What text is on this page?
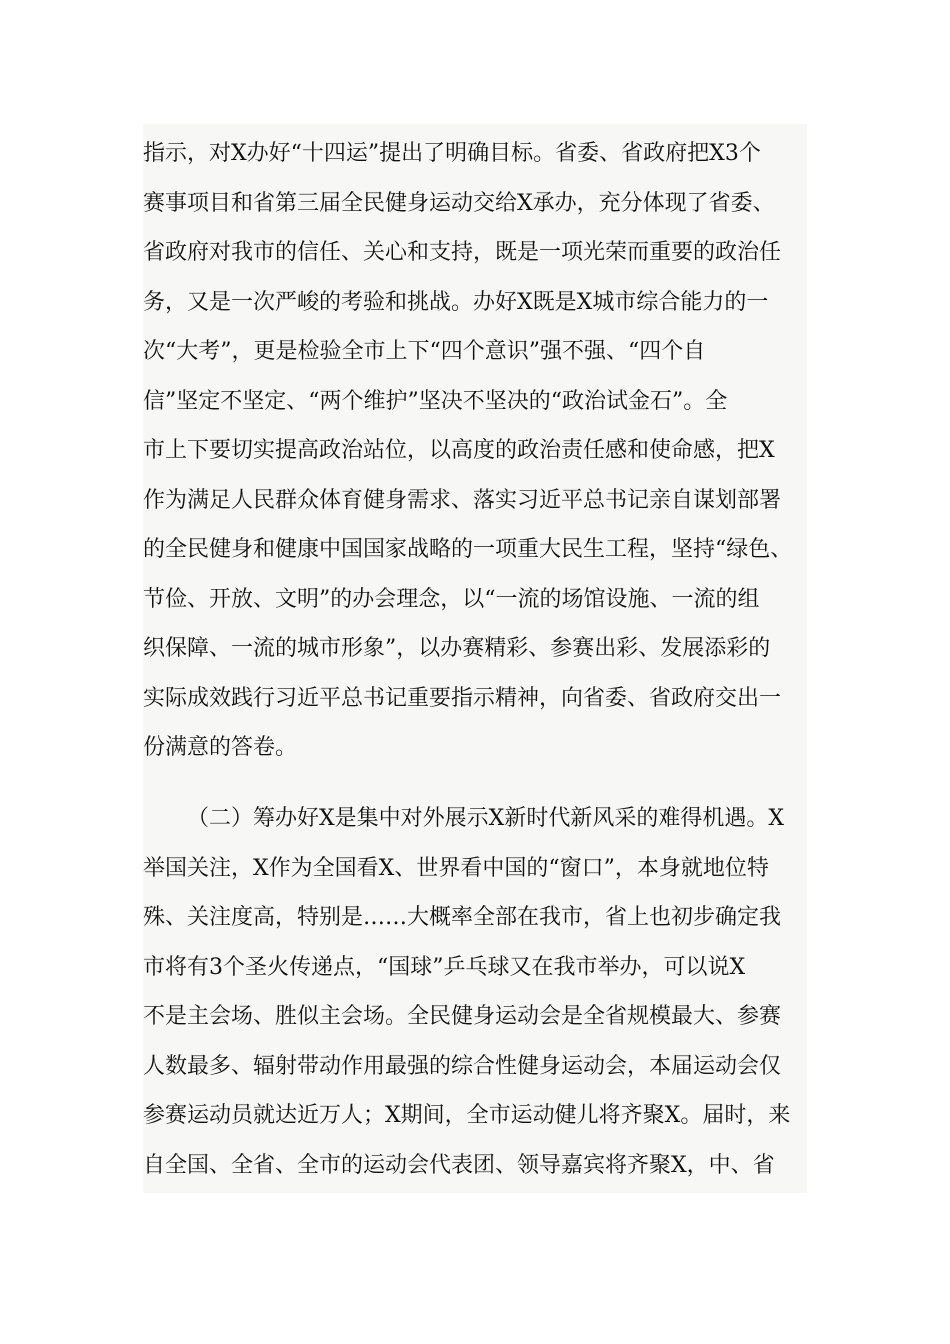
指示，对X办好“十四运”提出了明确目标。省委、省政府把X3个
赛事项目和省第三届全民健身运动交给X承办，充分体现了省委、
省政府对我市的信任、关心和支持，既是一项光荣而重要的政治任
务，又是一次严峻的考验和挑战。办好X既是X城市综合能力的一
次“大考”，更是检验全市上下“四个意识”强不强、“四个自
信”坚定不坚定、“两个维护”坚决不坚决的“政治试金石”。全
市上下要切实提高政治站位，以高度的政治责任感和使命感，把X
作为满足人民群众体育健身需求、落实习近平总书记亲自谋划部署
的全民健身和健康中国国家战略的一项重大民生工程，坚持“绿色、
节俭、开放、文明”的办会理念，以“一流的场馆设施、一流的组
织保障、一流的城市形象”，以办赛精彩、参赛出彩、发展添彩的
实际成效践行习近平总书记重要指示精神，向省委、省政府交出一
份满意的答卷。
（二）筹办好X是集中对外展示X新时代新风采的难得机遇。X
举国关注，X作为全国看X、世界看中国的“窗口”，本身就地位特
殊、关注度高，特别是……大概率全部在我市，省上也初步确定我
市将有3个圣火传递点，“国球”乒乓球又在我市举办，可以说X
不是主会场、胜似主会场。全民健身运动会是全省规模最大、参赛
人数最多、辐射带动作用最强的综合性健身运动会，本届运动会仅
参赛运动员就达近万人；X期间，全市运动健儿将齐聚X。届时，来
自全国、全省、全市的运动会代表团、领导嘉宾将齐聚X，中、省
